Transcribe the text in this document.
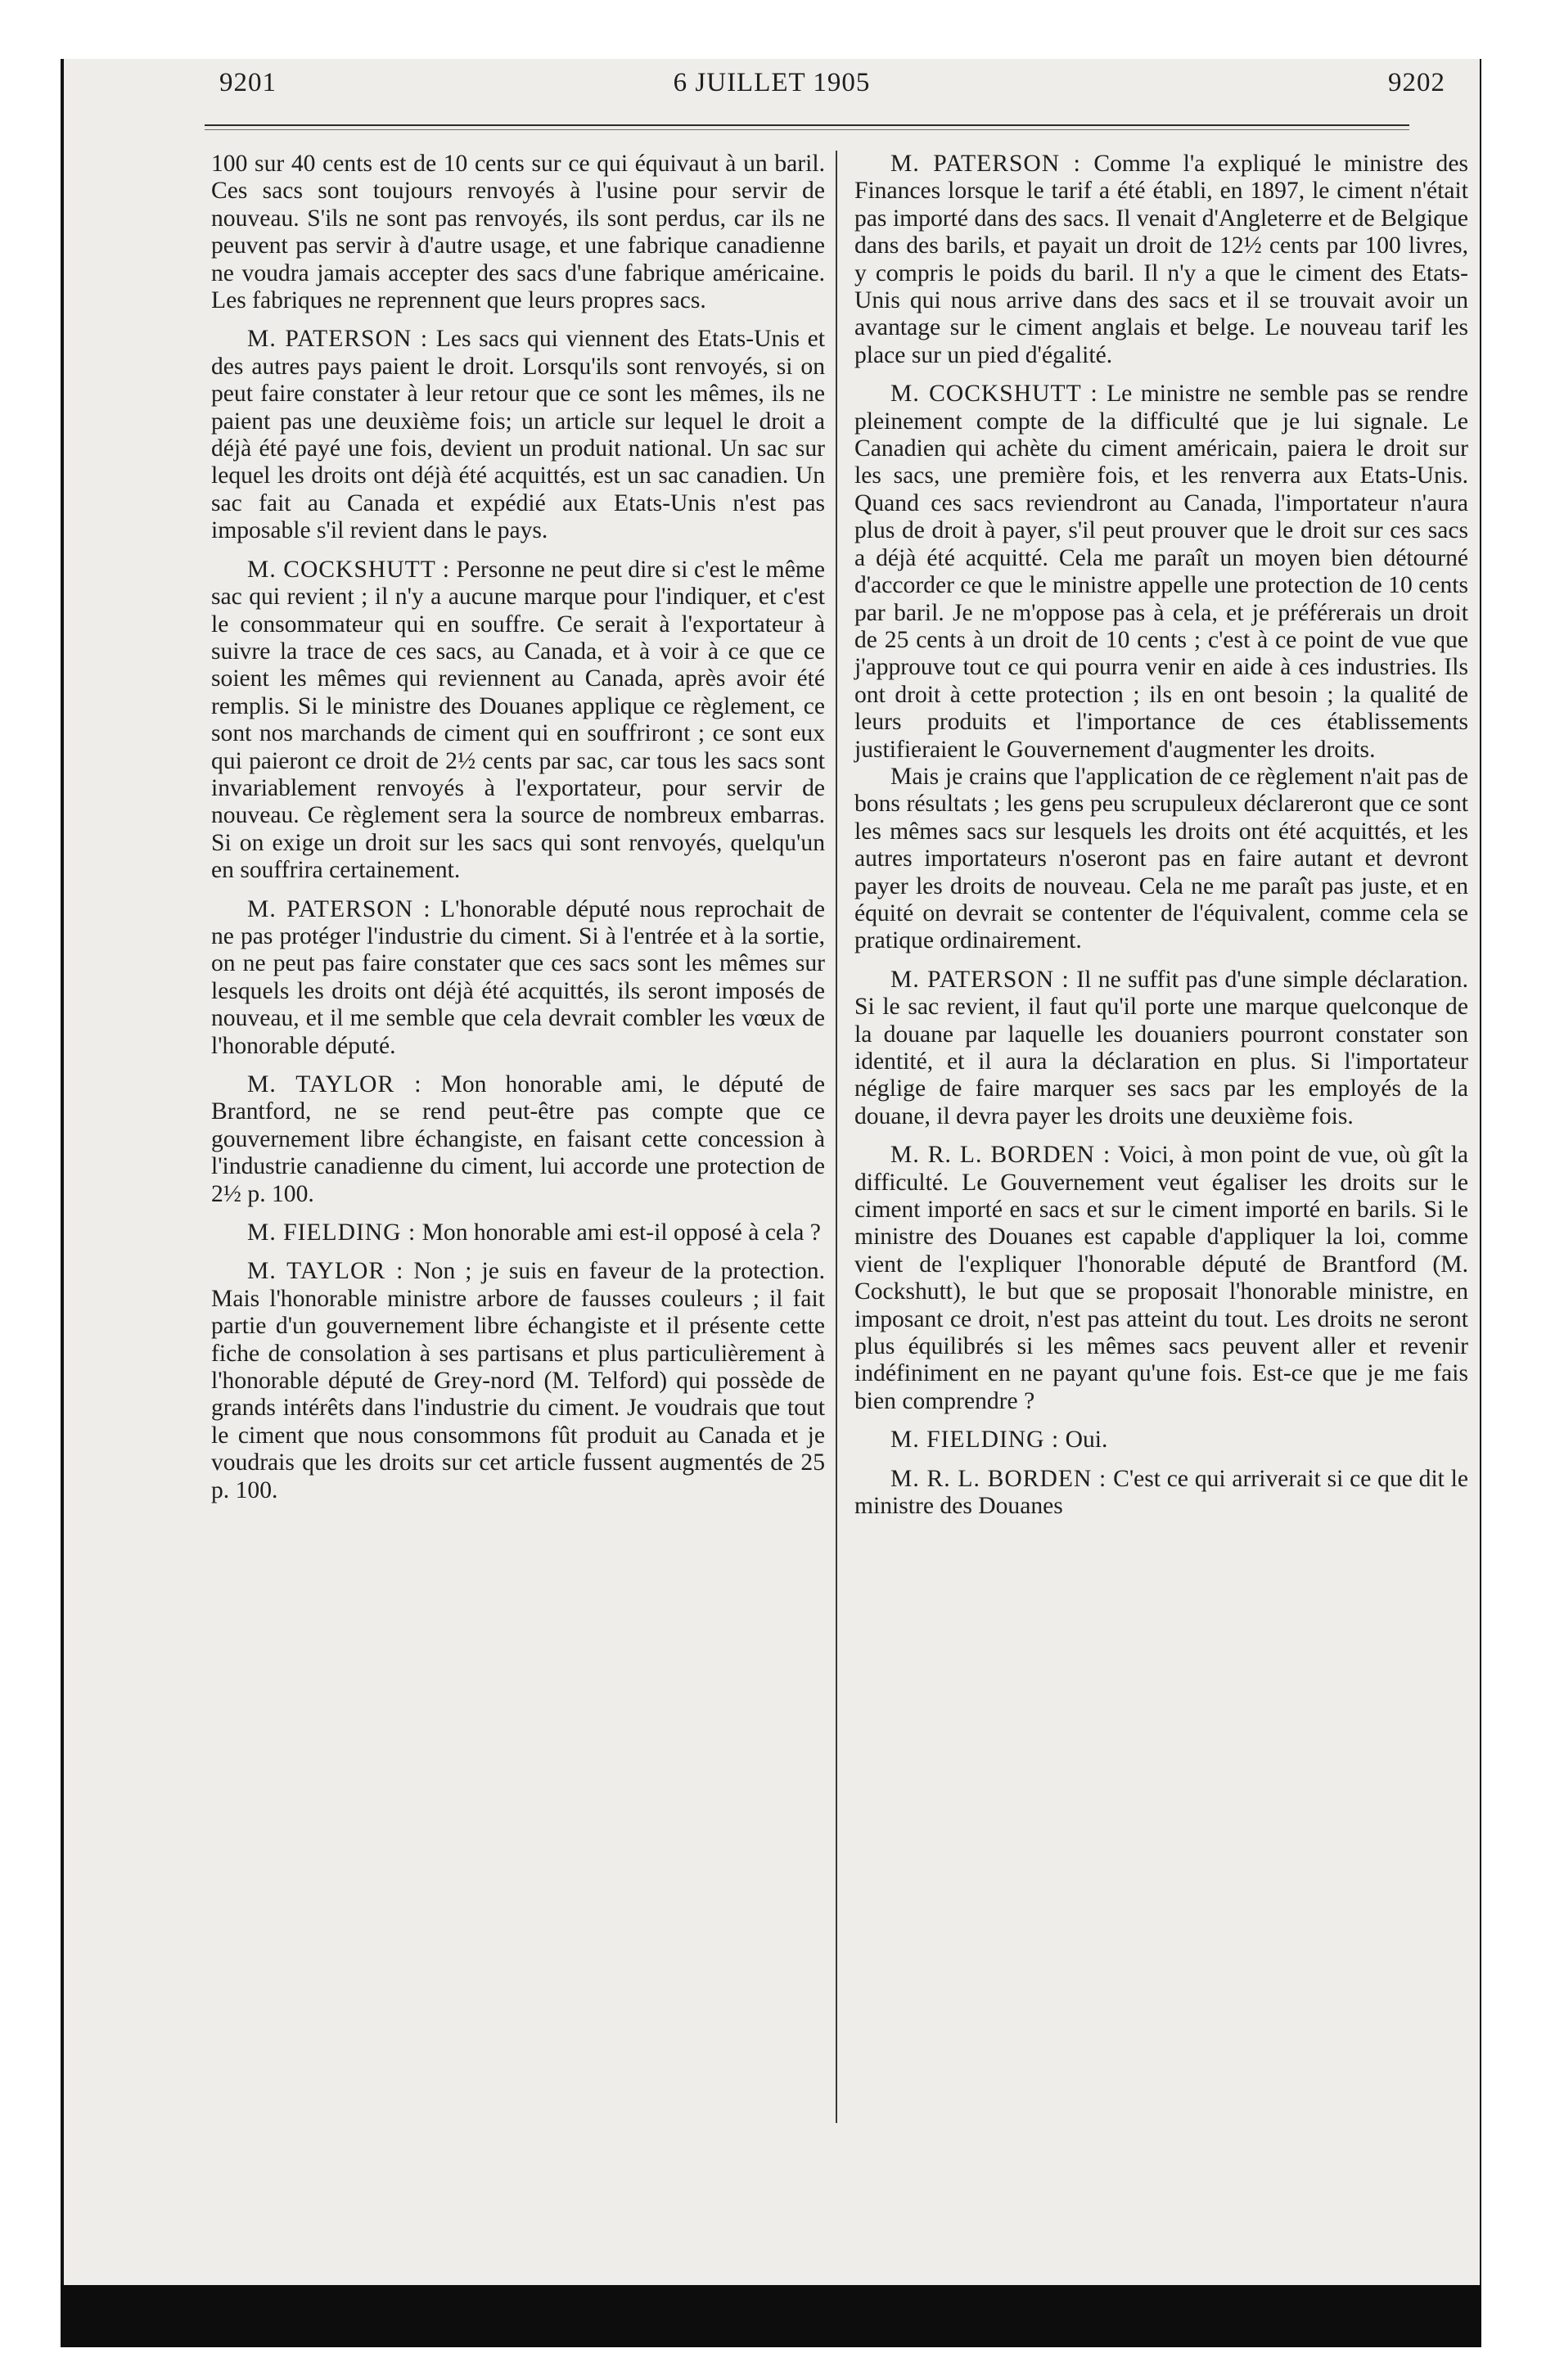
9201	6 JUILLET 1905	9202

100 sur 40 cents est de 10 cents sur ce qui équivaut à un baril. Ces sacs sont toujours renvoyés à l'usine pour servir de nouveau. S'ils ne sont pas renvoyés, ils sont perdus, car ils ne peuvent pas servir à d'autre usage, et une fabrique canadienne ne voudra jamais accepter des sacs d'une fabrique américaine. Les fabriques ne reprennent que leurs propres sacs.

M. PATERSON : Les sacs qui viennent des Etats-Unis et des autres pays paient le droit. Lorsqu'ils sont renvoyés, si on peut faire constater à leur retour que ce sont les mêmes, ils ne paient pas une deuxième fois; un article sur lequel le droit a déjà été payé une fois, devient un produit national. Un sac sur lequel les droits ont déjà été acquittés, est un sac canadien. Un sac fait au Canada et expédié aux Etats-Unis n'est pas imposable s'il revient dans le pays.

M. COCKSHUTT : Personne ne peut dire si c'est le même sac qui revient ; il n'y a aucune marque pour l'indiquer, et c'est le consommateur qui en souffre. Ce serait à l'exportateur à suivre la trace de ces sacs, au Canada, et à voir à ce que ce soient les mêmes qui reviennent au Canada, après avoir été remplis. Si le ministre des Douanes applique ce règlement, ce sont nos marchands de ciment qui en souffriront ; ce sont eux qui paieront ce droit de 2½ cents par sac, car tous les sacs sont invariablement renvoyés à l'exportateur, pour servir de nouveau. Ce règlement sera la source de nombreux embarras. Si on exige un droit sur les sacs qui sont renvoyés, quelqu'un en souffrira certainement.

M. PATERSON : L'honorable député nous reprochait de ne pas protéger l'industrie du ciment. Si à l'entrée et à la sortie, on ne peut pas faire constater que ces sacs sont les mêmes sur lesquels les droits ont déjà été acquittés, ils seront imposés de nouveau, et il me semble que cela devrait combler les vœux de l'honorable député.

M. TAYLOR : Mon honorable ami, le député de Brantford, ne se rend peut-être pas compte que ce gouvernement libre échangiste, en faisant cette concession à l'industrie canadienne du ciment, lui accorde une protection de 2½ p. 100.

M. FIELDING : Mon honorable ami est-il opposé à cela ?

M. TAYLOR : Non ; je suis en faveur de la protection. Mais l'honorable ministre arbore de fausses couleurs ; il fait partie d'un gouvernement libre échangiste et il présente cette fiche de consolation à ses partisans et plus particulièrement à l'honorable député de Grey-nord (M. Telford) qui possède de grands intérêts dans l'industrie du ciment. Je voudrais que tout le ciment que nous consommons fût produit au Canada et je voudrais que les droits sur cet article fussent augmentés de 25 p. 100.

M. PATERSON : Comme l'a expliqué le ministre des Finances lorsque le tarif a été établi, en 1897, le ciment n'était pas importé dans des sacs. Il venait d'Angleterre et de Belgique dans des barils, et payait un droit de 12½ cents par 100 livres, y compris le poids du baril. Il n'y a que le ciment des Etats-Unis qui nous arrive dans des sacs et il se trouvait avoir un avantage sur le ciment anglais et belge. Le nouveau tarif les place sur un pied d'égalité.

M. COCKSHUTT : Le ministre ne semble pas se rendre pleinement compte de la difficulté que je lui signale. Le Canadien qui achète du ciment américain, paiera le droit sur les sacs, une première fois, et les renverra aux Etats-Unis. Quand ces sacs reviendront au Canada, l'importateur n'aura plus de droit à payer, s'il peut prouver que le droit sur ces sacs a déjà été acquitté. Cela me paraît un moyen bien détourné d'accorder ce que le ministre appelle une protection de 10 cents par baril. Je ne m'oppose pas à cela, et je préférerais un droit de 25 cents à un droit de 10 cents ; c'est à ce point de vue que j'approuve tout ce qui pourra venir en aide à ces industries. Ils ont droit à cette protection ; ils en ont besoin ; la qualité de leurs produits et l'importance de ces établissements justifieraient le Gouvernement d'augmenter les droits.

Mais je crains que l'application de ce règlement n'ait pas de bons résultats ; les gens peu scrupuleux déclareront que ce sont les mêmes sacs sur lesquels les droits ont été acquittés, et les autres importateurs n'oseront pas en faire autant et devront payer les droits de nouveau. Cela ne me paraît pas juste, et en équité on devrait se contenter de l'équivalent, comme cela se pratique ordinairement.

M. PATERSON : Il ne suffit pas d'une simple déclaration. Si le sac revient, il faut qu'il porte une marque quelconque de la douane par laquelle les douaniers pourront constater son identité, et il aura la déclaration en plus. Si l'importateur néglige de faire marquer ses sacs par les employés de la douane, il devra payer les droits une deuxième fois.

M. R. L. BORDEN : Voici, à mon point de vue, où gît la difficulté. Le Gouvernement veut égaliser les droits sur le ciment importé en sacs et sur le ciment importé en barils. Si le ministre des Douanes est capable d'appliquer la loi, comme vient de l'expliquer l'honorable député de Brantford (M. Cockshutt), le but que se proposait l'honorable ministre, en imposant ce droit, n'est pas atteint du tout. Les droits ne seront plus équilibrés si les mêmes sacs peuvent aller et revenir indéfiniment en ne payant qu'une fois. Est-ce que je me fais bien comprendre ?

M. FIELDING : Oui.

M. R. L. BORDEN : C'est ce qui arriverait si ce que dit le ministre des Douanes
